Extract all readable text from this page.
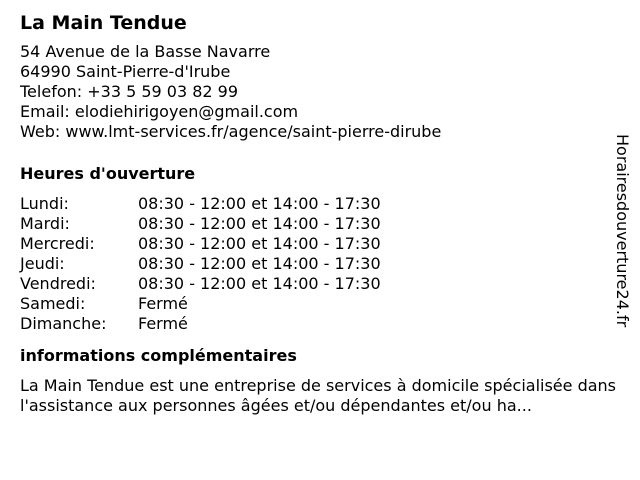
La Main Tendue
54 Avenue de la Basse Navarre
64990 Saint-Pierre-d'Irube
Telefon: +33 5 59 03 82 99
Email: elodiehirigoyen@gmail.com
Web: www.lmt-services.fr/agence/saint-pierre-dirube
Heures d'ouverture
Lundi:	08:30 - 12:00 et 14:00 - 17:30
Mardi:	08:30 - 12:00 et 14:00 - 17:30
Mercredi:	08:30 - 12:00 et 14:00 - 17:30
Jeudi:	08:30 - 12:00 et 14:00 - 17:30
Vendredi:	08:30 - 12:00 et 14:00 - 17:30
Samedi:	Fermé
Dimanche:	Fermé
informations complémentaires
La Main Tendue est une entreprise de services à domicile spécialisée dans l'assistance aux personnes âgées et/ou dépendantes et/ou ha...
Horairesdouverture24.fr
